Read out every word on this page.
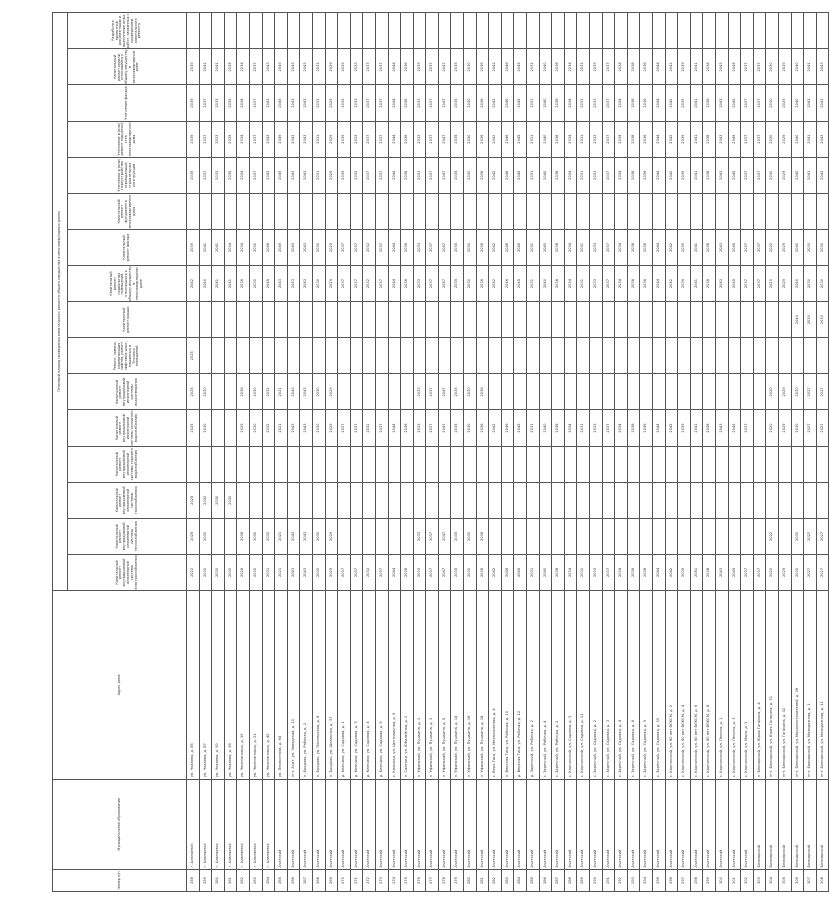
Номер п/п	Муниципальное образование	Адрес дома	Плановый период проведения капитального ремонта общего имущества в многоквартирных домах															
			Капитальный ремонт внутридомовой инженерной системы электроснабжения	Капитальный ремонт внутридомовой инженерной системы теплоснабжения	Капитальный ремонт внутридомовой инженерной системы газоснабжения	Капитальный ремонт внутридомовой инженерной системы горячего водоснабжения	Капитальный ремонт внутридомовой инженерной системы холодного водоснабжения	Капитальный ремонт внутридомовой инженерной системы водоотведения	Ремонт, замена, модернизация лифтов, ремонт лифтовых шахт, машинных и блочных помещений	Капитальный ремонт крыши	Капитальный ремонт подвальных помещений, относящихся к общему имуществу в многоквартирном доме	Капитальный ремонт фасада	Капитальный ремонт фундамента многоквартирного дома	Утепление и (или) переустройство ограждающих строительных конструкций	Утепление и (или) ремонт наружных стен многоквартирного дома	Утепление фасада	Капитальный ремонт кровли, относящейся к общему имуществу в многоквартирном доме	Разработка проектной документации и выполнение иных работ, связанных с проведением капитального ремонта
258	г. Алапаевск	ул. Чкалова, д. 85	2022	2025	2025		2025	2025	2025		2042	2039		2039	2039	2039	2039	
259	г. Алапаевск	ул. Чкалова, д. 87	2030	2030	2030		2030	2030			2040	2041		2037	2037	2037	2041	
260	г. Алапаевск	ул. Чкалова, д. 90	2030		2030						2041	2041		2033	2033	2033	2041	
261	г. Алапаевск	ул. Чкалова, д. 96	2030		2030						2041	2034		2035	2035	2035	2035	
262	г. Алапаевск	ул. Черепановых, д. 19	2026	2036			2029	2036			2036	2034		2034	2034	2034	2034	
263	г. Алапаевск	ул. Черепановых, д. 21	2030	2030			2030	2030			2030	2030		2037	2037	2037	2037	
264	г. Алапаевск	ул. Черепановых, д. 40	2031	2032			2032	2032			2045	2046		2043	2043	2043	2043	
265	Ачитский	ул. Лермонтова, д. 64	2021	2021			2021	2021			2043	2049		2049	2049	2049	2049	
266	Ачитский	пгт. Ачит, ул. Заводская, д. 10	2043	2043			2043	2043			2043	2043		2043	2043	2043	2043	
267	Ачитский	п. Бродово, ул. Рабочая, д. 2	2043	2043			2043	2043			2043	2043		2043	2043	2043	2043	
268	Ачитский	п. Бродово, ул. Пионерская, д. 8	2030	2030			2030	2030			2030	2030		2031	2031	2031	2031	
269	Ачитский	п. Бродово, ул. Шкальная, д. 37	2029	2029			2029	2029			2029	2029		2029	2029	2029	2029	
270	Ачитский	д. Ключики, ул. Садовая, д. 1	2037				2037				2037	2037		2039	2039	2039	2039	
271	Ачитский	д. Ключики, ул. Садовая, д. 3	2037				2037				2037	2037		2033	2033	2033	2033	
272	Ачитский	д. Ключики, ул. Садовая, д. 4	2032				2032				2032	2032		2037	2037	2037	2037	
273	Ачитский	д. Ключики, ул. Садовая, д. 5	2037				2037				2037	2037		2037	2037	2037	2037	
274	Ачитский	с. Ключики, ул. Центральная, д. 5	2044				2044				2044	2044		2044	2044	2044	2044	
275	Ачитский	п. Салтыки, ул. Юбилейная, д. 2	2036				2036				2036	2036		2036	2036	2036	2036	
276	Ачитский	п. Уфимский, ул. Пушкина, д. 1	2033	2033			2033	2033			2033	2033		2033	2033	2033	2033	
277	Ачитский	п. Уфимский, ул. Пушкина, д. 3	2037	2037			2037	2037			2037	2037		2037	2037	2037	2037	
278	Ачитский	п. Уфимский, ул. Пушкина, д. 5	2047	2047			2047	2047			2047	2047		2047	2047	2047	2047	
279	Ачитский	п. Уфимский, ул. Пушкина, д. 14	2035	2035			2035	2035			2035	2035		2035	2035	2035	2035	
280	Ачитский	п. Уфимский, ул. Пушкина, д. 16	2030	2030			2030	2030			2030	2030		2030	2030	2030	2030	
281	Ачитский	п. Уфимский, ул. Пушкина, д. 18	2036	2036			2036	2036			2036	2036		2036	2036	2036	2036	
282	Ачитский	с. Верх-Тиса, ул. Механическая, д. 4	2042				2042				2042	2042		2042	2042	2042	2042	
283	Ачитский	п. Верхняя Тиса, ул. Рабочая, д. 10	2046				2046				2046	2046		2046	2046	2046	2046	
284	Ачитский	д. Верхняя Тиса, ул. Рабочая, д. 12	2045				2045				2045	2045		2045	2045	2045	2045	
285	Ачитский	д. Заречный, ул. Рабочая, д. 2	2031				2031				2031	2031		2031	2031	2031	2031	
286	Ачитский	с. Заречный, ул. Рабочая, д. 4	2040				2040				2040	2040		2040	2040	2040	2040	
287	Ачитский	с. Заречный, ул. Рабочая, д. 2	2038				2038				2038	2038		2038	2038	2038	2038	
288	Ачитский	с. Карпинский, ул. Садовая, д. 3	2034				2034				2034	2034		2034	2034	2034	2034	
289	Ачитский	с. Карпинский, ул. Садовая, д. 11	2031				2031				2031	2031		2031	2031	2031	2031	
290	Ачитский	с. Заречный, ул. Садовая, д. 2	2033				2033				2033	2033		2033	2033	2033	2033	
291	Ачитский	с. Заречный, ул. Садовая, д. 3	2037				2037				2037	2037		2037	2037	2037	2037	
292	Ачитский	с. Заречный, ул. Садовая, д. 4	2034				2034				2034	2034		2034	2034	2034	2034	
293	Ачитский	с. Заречный, ул. Садовая, д. 6	2038				2038				2038	2038		2038	2038	2038	2038	
294	Ачитский	с. Заречный, ул. Садовая, д. 9	2036				2036				2036	2036		2036	2036	2036	2036	
295	Ачитский	с. Заречный, ул. Садовая, д. 10	2044				2044				2044	2044		2044	2044	2044	2044	
296	Ачитский	с. Карпинский, ул. 60 лет ВЛКСМ, д. 2	2042				2042				2042	2042		2042	2042	2042	2042	
297	Ачитский	с. Карпинский, ул. 60 лет ВЛКСМ, д. 4	2039				2039				2039	2039		2039	2039	2039	2039	
298	Ачитский	с. Карпинский, ул. 60 лет ВЛКСМ, д. 6	2041				2041				2041	2041		2041	2041	2041	2041	
299	Ачитский	с. Карпинский, ул. 60 лет ВЛКСМ, д. 8	2038				2038				2038	2038		2038	2038	2038	2038	
300	Ачитский	с. Карпинский, ул. Ленина, д. 1	2043				2043				2043	2043		2043	2043	2043	2043	
301	Ачитский	с. Карпинский, ул. Ленина, д. 3	2045				2045				2045	2045		2045	2045	2045	2045	
302	Ачитский	с. Карпинский, ул. Мира, д. 1	2037				2037				2037	2037		2037	2037	2037	2037	
303	Белоярский	п. Белоярский, ул. Юрия Гагарина, д. 4	2037								2037	2037		2037	2037	2037	2037	
304	Белоярский	пгт. Белоярский, ул. Юрия Гагарина, д. 31	2020	2022			2020	2020			2020	2020		2030	2030	2030	2030	
305	Белоярский	пгт. Белоярский, ул. Гагарина, д. 32	2029				2029	2029			2029	2029		2029	2029	2029	2029	
306	Белоярский	пгт. Белоярский, ул. Машиностроителей, д. 36	2030	2030			2030	2030		2040	2040	2040		2040	2040	2040	2040	
307	Белоярский	пгт. Белоярский, ул. Молодежная, д. 1	2027	2027			2027	2027		2030	2030	2030		2041	2041	2041	2041	
308	Белоярский	пгт. Белоярский, ул. Молодежная, д. 11	2027	2027			2027	2027		2030	2030	2030		2043	2043	2043	2043	
